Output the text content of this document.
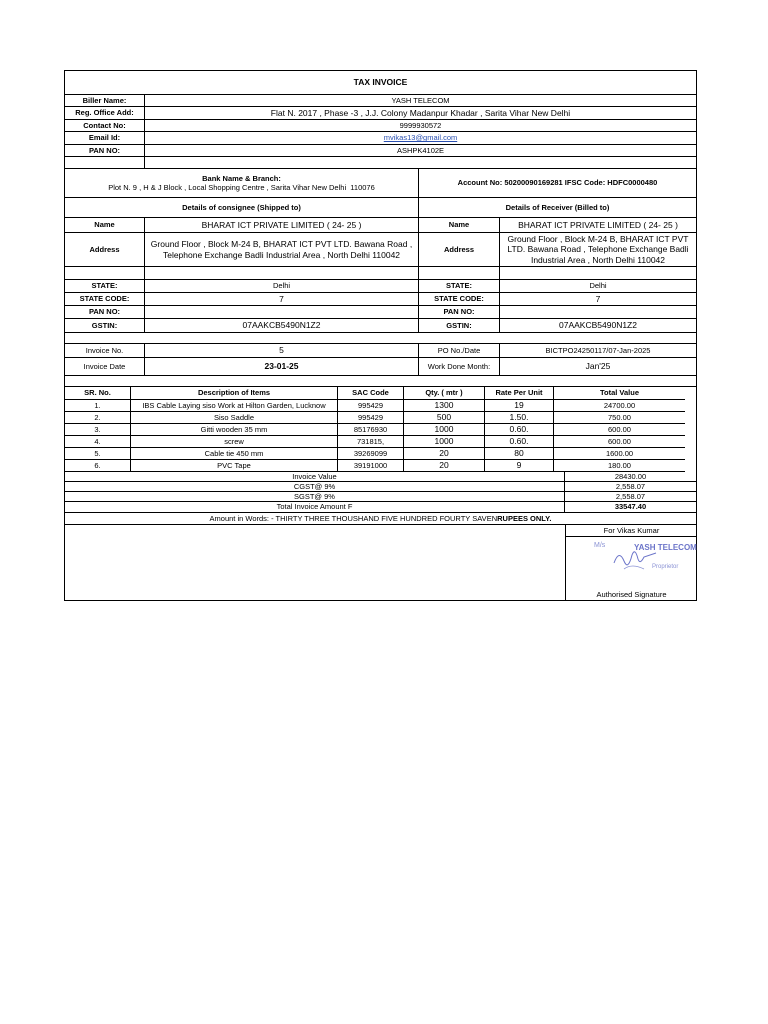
TAX INVOICE
Biller Name:	YASH TELECOM
Reg. Office Add:	Flat N. 2017 , Phase -3 , J.J. Colony Madanpur Khadar , Sarita Vihar New Delhi
Contact No:	9999930572
Email Id:	mvikas13@gmail.com
PAN NO:	ASHPK4102E
Bank Name & Branch:
Plot N. 9 , H & J Block , Local Shopping Centre , Sarita Vihar New Delhi 110076
Account No: 50200090169281 IFSC Code: HDFC0000480
Details of consignee (Shipped to)	Details of Receiver (Billed to)
Name	BHARAT ICT PRIVATE LIMITED ( 24- 25 )	Name	BHARAT ICT PRIVATE LIMITED ( 24- 25 )
Address
Ground Floor , Block M-24 B, BHARAT ICT PVT LTD. Bawana Road , Telephone Exchange Badli Industrial Area , North Delhi 110042
Address
Ground Floor , Block M-24 B, BHARAT ICT PVT LTD. Bawana Road , Telephone Exchange Badli Industrial Area , North Delhi 110042
STATE:	Delhi	STATE:	Delhi
STATE CODE:	7	STATE CODE:	7
PAN NO:	PAN NO:
GSTIN:	07AAKCB5490N1Z2	GSTIN:	07AAKCB5490N1Z2
Invoice No.	5	PO No./Date	BICTPO24250117/07-Jan-2025
Invoice Date	23-01-25	Work Done Month:	Jan'25
SR. No.	Description of Items	SAC Code	Qty. ( mtr )	Rate Per Unit	Total Value
1.	IBS Cable Laying siso Work at Hilton Garden, Lucknow	995429	1300	19	24700.00
2.	Siso Saddle	995429	500	1.50.	750.00
3.	Gitti wooden 35 mm	85176930	1000	0.60.	600.00
4.	screw	731815,	1000	0.60.	600.00
5.	Cable tie 450 mm	39269099	20	80	1600.00
6.	PVC Tape	39191000	20	9	180.00
Invoice Value	28430.00
CGST@ 9%	2,558.07
SGST@ 9%	2,558.07
Total Invoice Amount F	33547.40
Amount in Words: - THIRTY THREE THOUSHAND FIVE HUNDRED FOURTY SAVEN RUPEES ONLY.
For Vikas Kumar
YASH TELECOM
M/s
Proprietor
Authorised Signature
